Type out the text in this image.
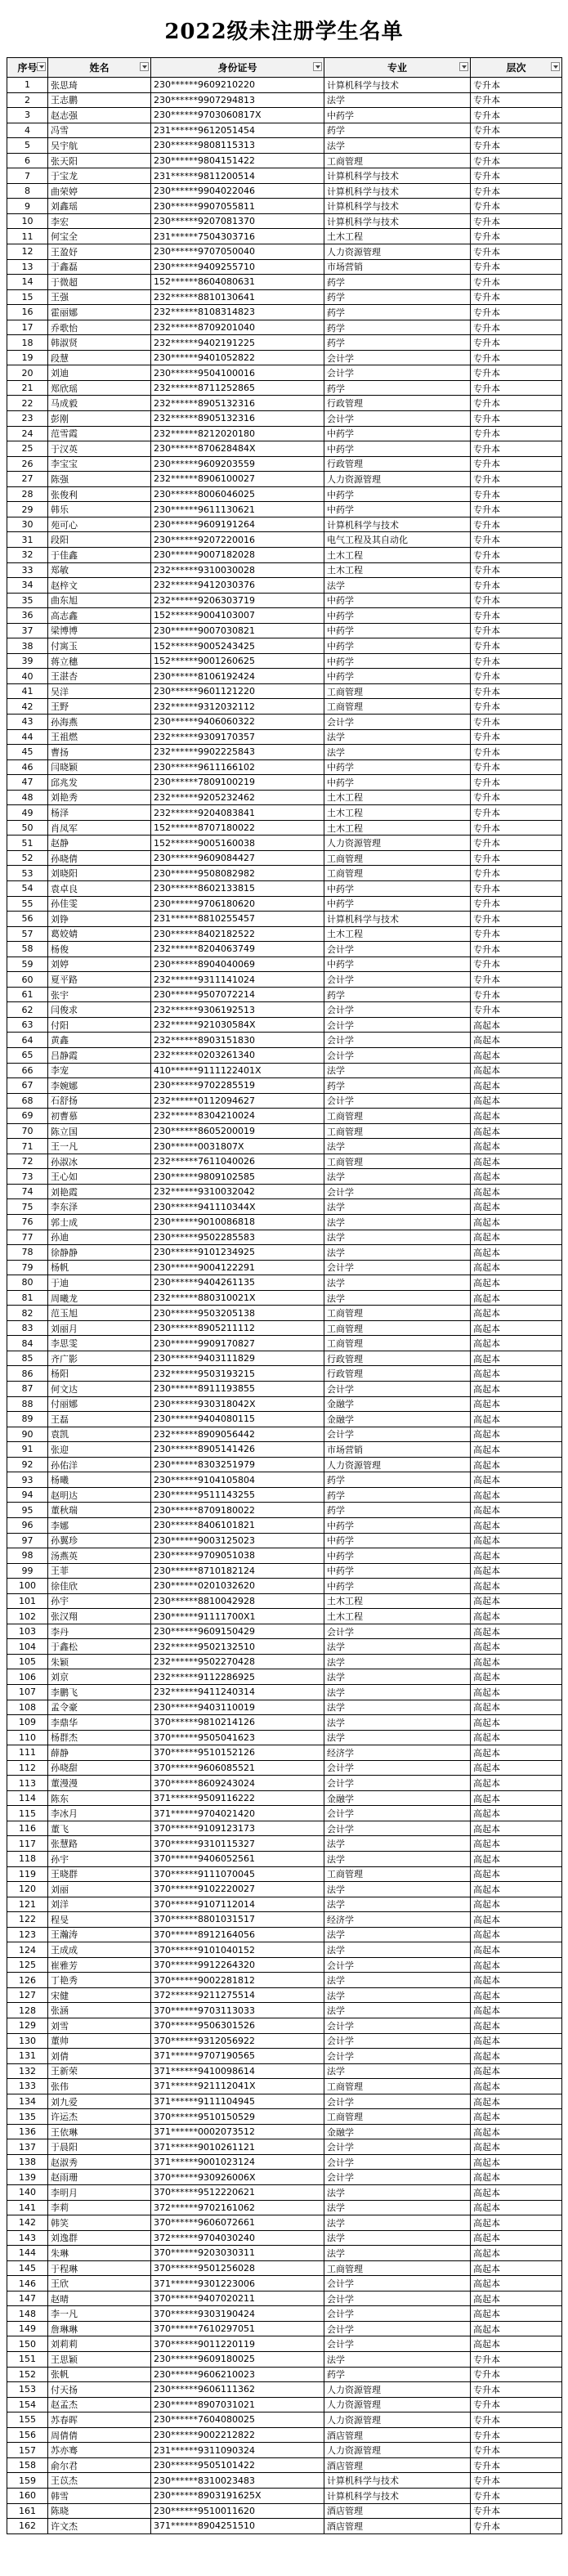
2022级未注册学生名单
序号	姓名	身份证号	专业	层次

1	张思琦	230******9609210220	计算机科学与技术	专升本
2	王志鹏	230******9907294813	法学	专升本
3	赵志强	230******9703060817X	中药学	专升本
4	冯雪	231******9612051454	药学	专升本
5	吴宇航	230******9808115313	法学	专升本
6	张天阳	230******9804151422	工商管理	专升本
7	于宝龙	231******9811200514	计算机科学与技术	专升本
8	曲荣婷	230******9904022046	计算机科学与技术	专升本
9	刘鑫瑶	230******9907055811	计算机科学与技术	专升本
10	李宏	230******9207081370	计算机科学与技术	专升本
11	何宝全	231******7504303716	土木工程	专升本
12	王盈妤	230******9707050040	人力资源管理	专升本
13	于鑫磊	230******9409255710	市场营销	专升本
14	于微超	152******8604080631	药学	专升本
15	王强	232******8810130641	药学	专升本
16	霍丽娜	232******8108314823	药学	专升本
17	乔歌怡	232******8709201040	药学	专升本
18	韩淑贤	232******9402191225	药学	专升本
19	段慧	230******9401052822	会计学	专升本
20	刘迪	230******9504100016	会计学	专升本
21	郑欣瑶	232******8711252865	药学	专升本
22	马成毅	232******8905132316	行政管理	专升本
23	彭刚	232******8905132316	会计学	专升本
24	范雪霞	232******8212020180	中药学	专升本
25	于汉英	230******870628484X	中药学	专升本
26	李宝宝	230******9609203559	行政管理	专升本
27	陈强	232******8906100027	人力资源管理	专升本
28	张俊利	230******8006046025	中药学	专升本
29	韩乐	230******9611130621	中药学	专升本
30	苑可心	230******9609191264	计算机科学与技术	专升本
31	段阳	230******9207220016	电气工程及其自动化	专升本
32	于佳鑫	230******9007182028	土木工程	专升本
33	郑敏	232******9310030028	土木工程	专升本
34	赵梓文	232******9412030376	法学	专升本
35	曲东旭	232******9206303719	中药学	专升本
36	高志鑫	152******9004103007	中药学	专升本
37	梁博博	230******9007030821	中药学	专升本
38	付寓玉	152******9005243425	中药学	专升本
39	蒋立穗	152******9001260625	中药学	专升本
40	王湛杏	230******8106192424	中药学	专升本
41	吴洋	230******9601121220	工商管理	专升本
42	王野	232******9312032112	工商管理	专升本
43	孙海燕	230******9406060322	会计学	专升本
44	王祖燃	232******9309170357	法学	专升本
45	曹扬	232******9902225843	法学	专升本
46	闫晓颖	230******9611166102	中药学	专升本
47	邱兆发	230******7809100219	中药学	专升本
48	刘艳秀	232******9205232462	土木工程	专升本
49	杨泽	232******9204083841	土木工程	专升本
50	肖凤军	152******8707180022	土木工程	专升本
51	赵静	152******9005160038	人力资源管理	专升本
52	孙晓倩	230******9609084427	工商管理	专升本
53	刘晓阳	230******9508082982	工商管理	专升本
54	袁卓良	230******8602133815	中药学	专升本
55	孙佳雯	230******9706180620	中药学	专升本
56	刘铮	231******8810255457	计算机科学与技术	专升本
57	葛姣婧	230******8402182522	土木工程	专升本
58	杨俊	232******8204063749	会计学	专升本
59	刘婷	230******8904040069	中药学	专升本
60	夏平路	232******9311141024	会计学	专升本
61	张宇	230******9507072214	药学	专升本
62	闫俊求	232******9306192513	会计学	专升本
63	付阳	232******921030584X	会计学	高起本
64	黄鑫	232******8903151830	会计学	高起本
65	吕静霞	232******0203261340	会计学	高起本
66	李宠	410******9111122401X	法学	高起本
67	李婉娜	230******9702285519	药学	高起本
68	石舒扬	232******0112094627	会计学	高起本
69	初曹慕	232******8304210024	工商管理	高起本
70	陈立国	230******8605200019	工商管理	高起本
71	王一凡	230******0031807X	法学	高起本
72	孙淑冰	232******7611040026	工商管理	高起本
73	王心如	230******9809102585	法学	高起本
74	刘艳霞	232******9310032042	会计学	高起本
75	李东泽	230******941110344X	法学	高起本
76	郭士成	230******9010086818	法学	高起本
77	孙迪	230******9502285583	法学	高起本
78	徐静静	230******9101234925	法学	高起本
79	杨帆	230******9004122291	会计学	高起本
80	于迪	230******9404261135	法学	高起本
81	周曦龙	232******880310021X	法学	高起本
82	范玉旭	230******9503205138	工商管理	高起本
83	刘丽月	230******8905211112	工商管理	高起本
84	李思雯	230******9909170827	工商管理	高起本
85	齐广影	230******9403111829	行政管理	高起本
86	杨阳	232******9503193215	行政管理	高起本
87	何文达	230******8911193855	会计学	高起本
88	付丽娜	230******930318042X	金融学	高起本
89	王磊	230******9404080115	金融学	高起本
90	袁凯	232******8909056442	会计学	高起本
91	张迎	230******8905141426	市场营销	高起本
92	孙佑洋	230******8303251979	人力资源管理	高起本
93	杨曦	230******9104105804	药学	高起本
94	赵明达	230******9511143255	药学	高起本
95	董秋瑞	230******8709180022	药学	高起本
96	李娜	230******8406101821	中药学	高起本
97	孙翼珍	230******9003125023	中药学	高起本
98	汤燕英	230******9709051038	中药学	高起本
99	王菲	230******8710182124	中药学	高起本
100	徐佳欣	230******0201032620	中药学	高起本
101	孙宇	230******8810042928	土木工程	高起本
102	张汉翔	230******91111700X1	土木工程	高起本
103	李丹	230******9609150429	会计学	高起本
104	于鑫松	232******9502132510	法学	高起本
105	朱颖	232******9502270428	法学	高起本
106	刘京	232******9112286925	法学	高起本
107	李鹏飞	232******9411240314	法学	高起本
108	孟令豪	230******9403110019	法学	高起本
109	李鼎华	370******9810214126	法学	高起本
110	杨群杰	370******9505041623	法学	高起本
111	薛静	370******9510152126	经济学	高起本
112	孙晓甜	370******9606085521	会计学	高起本
113	董漫漫	370******8609243024	会计学	高起本
114	陈东	371******9509116222	金融学	高起本
115	李冰月	371******9704021420	会计学	高起本
116	董飞	370******9109123173	会计学	高起本
117	张慧路	370******9310115327	法学	高起本
118	孙宇	370******9406052561	法学	高起本
119	王晓群	370******9111070045	工商管理	高起本
120	刘丽	370******9102220027	法学	高起本
121	刘洋	370******9107112014	法学	高起本
122	程旻	370******8801031517	经济学	高起本
123	王瀚涛	370******8912164056	法学	高起本
124	王成成	370******9101040152	法学	高起本
125	崔雅芳	370******9912264320	会计学	高起本
126	丁艳秀	370******9002281812	法学	高起本
127	宋健	372******9211275514	法学	高起本
128	张涵	370******9703113033	法学	高起本
129	刘雪	370******9506301526	会计学	高起本
130	董帅	370******9312056922	会计学	高起本
131	刘倩	371******9707190565	会计学	高起本
132	王新荣	371******9410098614	法学	高起本
133	张伟	371******921112041X	工商管理	高起本
134	刘九爱	371******9111104945	会计学	高起本
135	许运杰	370******9510150529	工商管理	高起本
136	王依琳	371******0002073512	金融学	高起本
137	于晨阳	371******9010261121	会计学	高起本
138	赵淑秀	371******9001023124	会计学	高起本
139	赵雨珊	370******930926006X	会计学	高起本
140	李明月	370******9512220621	法学	高起本
141	李莉	372******9702161062	法学	高起本
142	韩笑	370******9606072661	法学	高起本
143	刘逸群	372******9704030240	法学	高起本
144	朱琳	370******9203030311	法学	高起本
145	于程琳	370******9501256028	工商管理	高起本
146	王欣	371******9301223006	会计学	高起本
147	赵晴	370******9407020211	会计学	高起本
148	李一凡	370******9303190424	会计学	高起本
149	詹琳琳	370******7610297051	会计学	高起本
150	刘莉莉	370******9011220119	会计学	高起本
151	王思颖	230******9609180025	法学	专升本
152	张帆	230******9606210023	药学	专升本
153	付天扬	230******9606111362	人力资源管理	专升本
154	赵孟杰	230******8907031021	人力资源管理	专升本
155	苏春晖	230******7604080025	人力资源管理	专升本
156	周倩倩	230******9002212822	酒店管理	专升本
157	苏亦骞	231******9311090324	人力资源管理	专升本
158	俞尔君	230******9505101422	酒店管理	专升本
159	王苡杰	230******8310023483	计算机科学与技术	专升本
160	韩雪	230******8903191625X	计算机科学与技术	专升本
161	陈晓	230******9510011620	酒店管理	专升本
162	许文杰	371******8904251510	酒店管理	专升本
